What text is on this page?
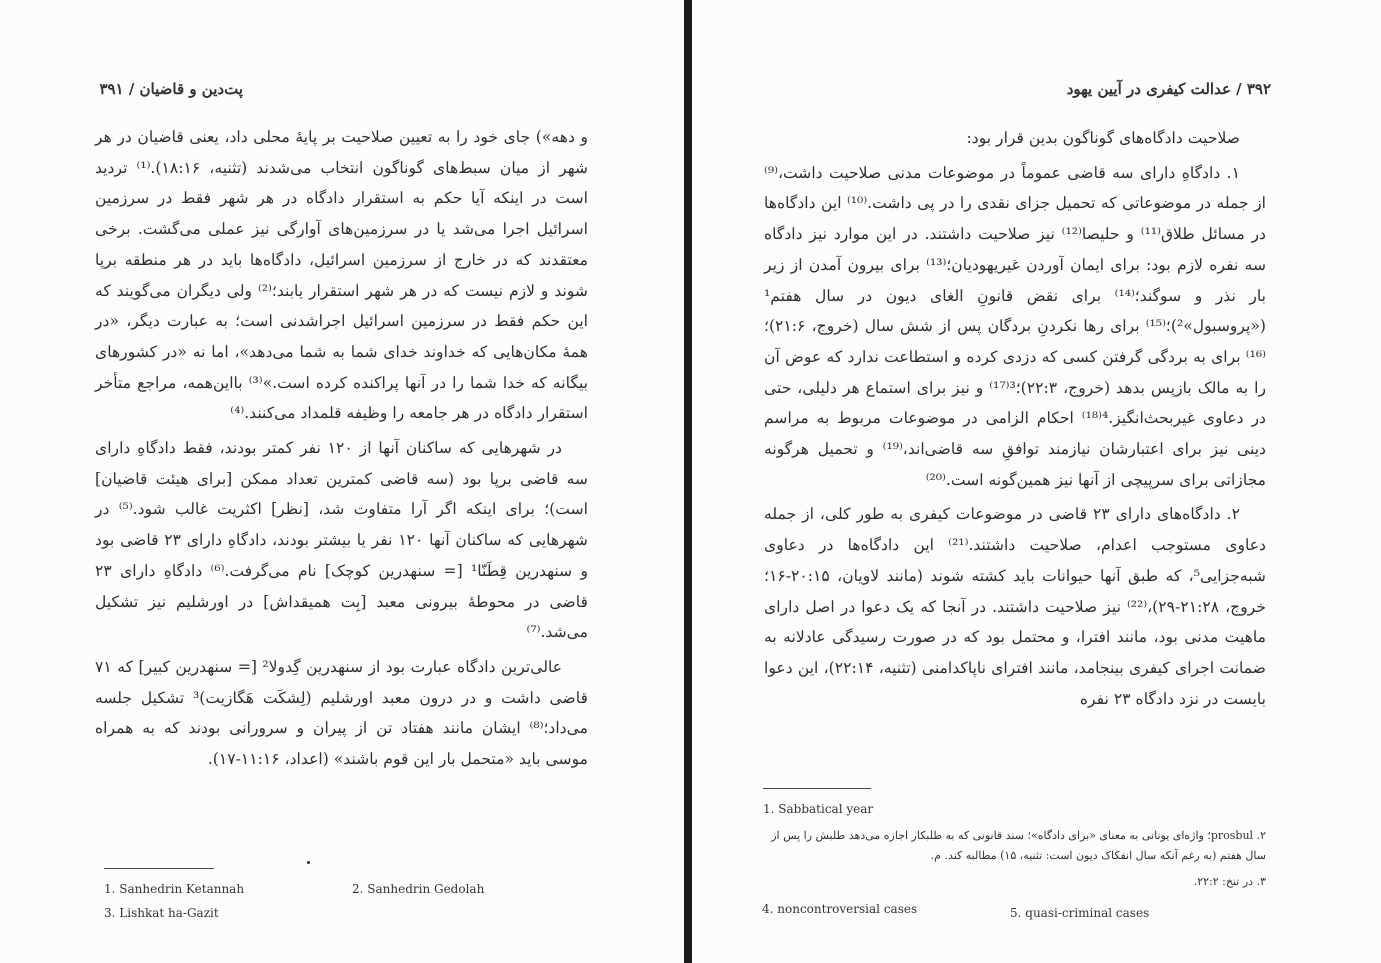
پت‌دین و قاضیان / ۳۹۱

و دهه») جای خود را به تعیین صلاحیت بر پایهٔ محلی داد، یعنی قاضیان در هر شهر از میان سبط‌های گوناگون انتخاب می‌شدند (تثنیه، ۱۸:۱۶).⁽¹⁾ تردید است در اینکه آیا حکم به استقرار دادگاه در هر شهر فقط در سرزمین اسرائیل اجرا می‌شد یا در سرزمین‌های آوارگی نیز عملی می‌گشت. برخی معتقدند که در خارج از سرزمین اسرائیل، دادگاه‌ها باید در هر منطقه برپا شوند و لازم نیست که در هر شهر استقرار یابند؛⁽²⁾ ولی دیگران می‌گویند که این حکم فقط در سرزمین اسرائیل اجراشدنی است؛ به عبارت دیگر، «در همهٔ مکان‌هایی که خداوند خدای شما به شما می‌دهد»، اما نه «در کشورهای بیگانه که خدا شما را در آنها پراکنده کرده است.»⁽³⁾ بااین‌همه، مراجع متأخر استقرار دادگاه در هر جامعه را وظیفه قلمداد می‌کنند.⁽⁴⁾

در شهرهایی که ساکنان آنها از ۱۲۰ نفر کمتر بودند، فقط دادگاهِ دارای سه قاضی برپا بود (سه قاضی کمترین تعداد ممکن [برای هیئت قاضیان] است)؛ برای اینکه اگر آرا متفاوت شد، [نظر] اکثریت غالب شود.⁽⁵⁾ در شهرهایی که ساکنان آنها ۱۲۰ نفر یا بیشتر بودند، دادگاهِ دارای ۲۳ قاضی بود و سنهدرین قِطَنّا¹ [= سنهدرین کوچک] نام می‌گرفت.⁽⁶⁾ دادگاهِ دارای ۲۳ قاضی در محوطهٔ بیرونی معبد [بِت همیقداش] در اورشلیم نیز تشکیل می‌شد.⁽⁷⁾

عالی‌ترین دادگاه عبارت بود از سنهدرین گِدولا² [= سنهدرین کبیر] که ۷۱ قاضی داشت و در درون معبد اورشلیم (لِشکَت هَگازیت)³ تشکیل جلسه می‌داد؛⁽⁸⁾ ایشان مانند هفتاد تن از پیران و سرورانی بودند که به همراه موسی باید «متحمل بار این قوم باشند» (اعداد، ۱۱:۱۶-۱۷).

1. Sanhedrin Ketannah	2. Sanhedrin Gedolah
3. Lishkat ha-Gazit
۳۹۲ / عدالت کیفری در آیین یهود

صلاحیت دادگاه‌های گوناگون بدین قرار بود:

۱. دادگاهِ دارای سه قاضی عموماً در موضوعات مدنی صلاحیت داشت،⁽⁹⁾ از جمله در موضوعاتی که تحمیل جزای نقدی را در پی داشت.⁽¹⁰⁾ این دادگاه‌ها در مسائل طلاق⁽¹¹⁾ و حلیصا⁽¹²⁾ نیز صلاحیت داشتند. در این موارد نیز دادگاه سه نفره لازم بود: برای ایمان آوردن غیریهودیان؛⁽¹³⁾ برای بیرون آمدن از زیر بار نذر و سوگند؛⁽¹⁴⁾ برای نقض قانونِ الغای دیون در سال هفتم¹ («پروسبول»²)؛⁽¹⁵⁾ برای رها نکردنِ بردگان پس از شش سال (خروج، ۲۱:۶)؛⁽¹⁶⁾ برای به بردگی گرفتن کسی که دزدی کرده و استطاعت ندارد که عوض آن را به مالک بازپس بدهد (خروج، ۲۲:۳)؛³⁽¹⁷⁾ و نیز برای استماع هر دلیلی، حتی در دعاوی غیربحث‌انگیز.⁴⁽¹⁸⁾ احکام الزامی در موضوعات مربوط به مراسم دینی نیز برای اعتبارشان نیازمند توافقِ سه قاضی‌اند،⁽¹⁹⁾ و تحمیل هرگونه مجازاتی برای سرپیچی از آنها نیز همین‌گونه است.⁽²⁰⁾

۲. دادگاه‌های دارای ۲۳ قاضی در موضوعات کیفری به طور کلی، از جمله دعاوی مستوجب اعدام، صلاحیت داشتند.⁽²¹⁾ این دادگاه‌ها در دعاوی شبه‌جزایی⁵، که طبق آنها حیوانات باید کشته شوند (مانند لاویان، ۲۰:۱۵-۱۶؛ خروج، ۲۱:۲۸-۲۹)،⁽²²⁾ نیز صلاحیت داشتند. در آنجا که یک دعوا در اصل دارای ماهیت مدنی بود، مانند افترا، و محتمل بود که در صورت رسیدگی عادلانه به ضمانت اجرای کیفری بینجامد، مانند افترای ناپاکدامنی (تثنیه، ۲۲:۱۴)، این دعوا بایست در نزد دادگاه ۲۳ نفره

1. Sabbatical year
۲. prosbul؛ واژه‌ای یونانی به معنای «برای دادگاه»؛ سند قانونی که به طلبکار اجازه می‌دهد طلبش را پس از سال هفتم (به رغم آنکه سال انفکاک دیون است: تثنیه، ۱۵) مطالبه کند. م.
۳. در تنخ: ۲۲:۲.
4. noncontroversial cases	5. quasi-criminal cases
